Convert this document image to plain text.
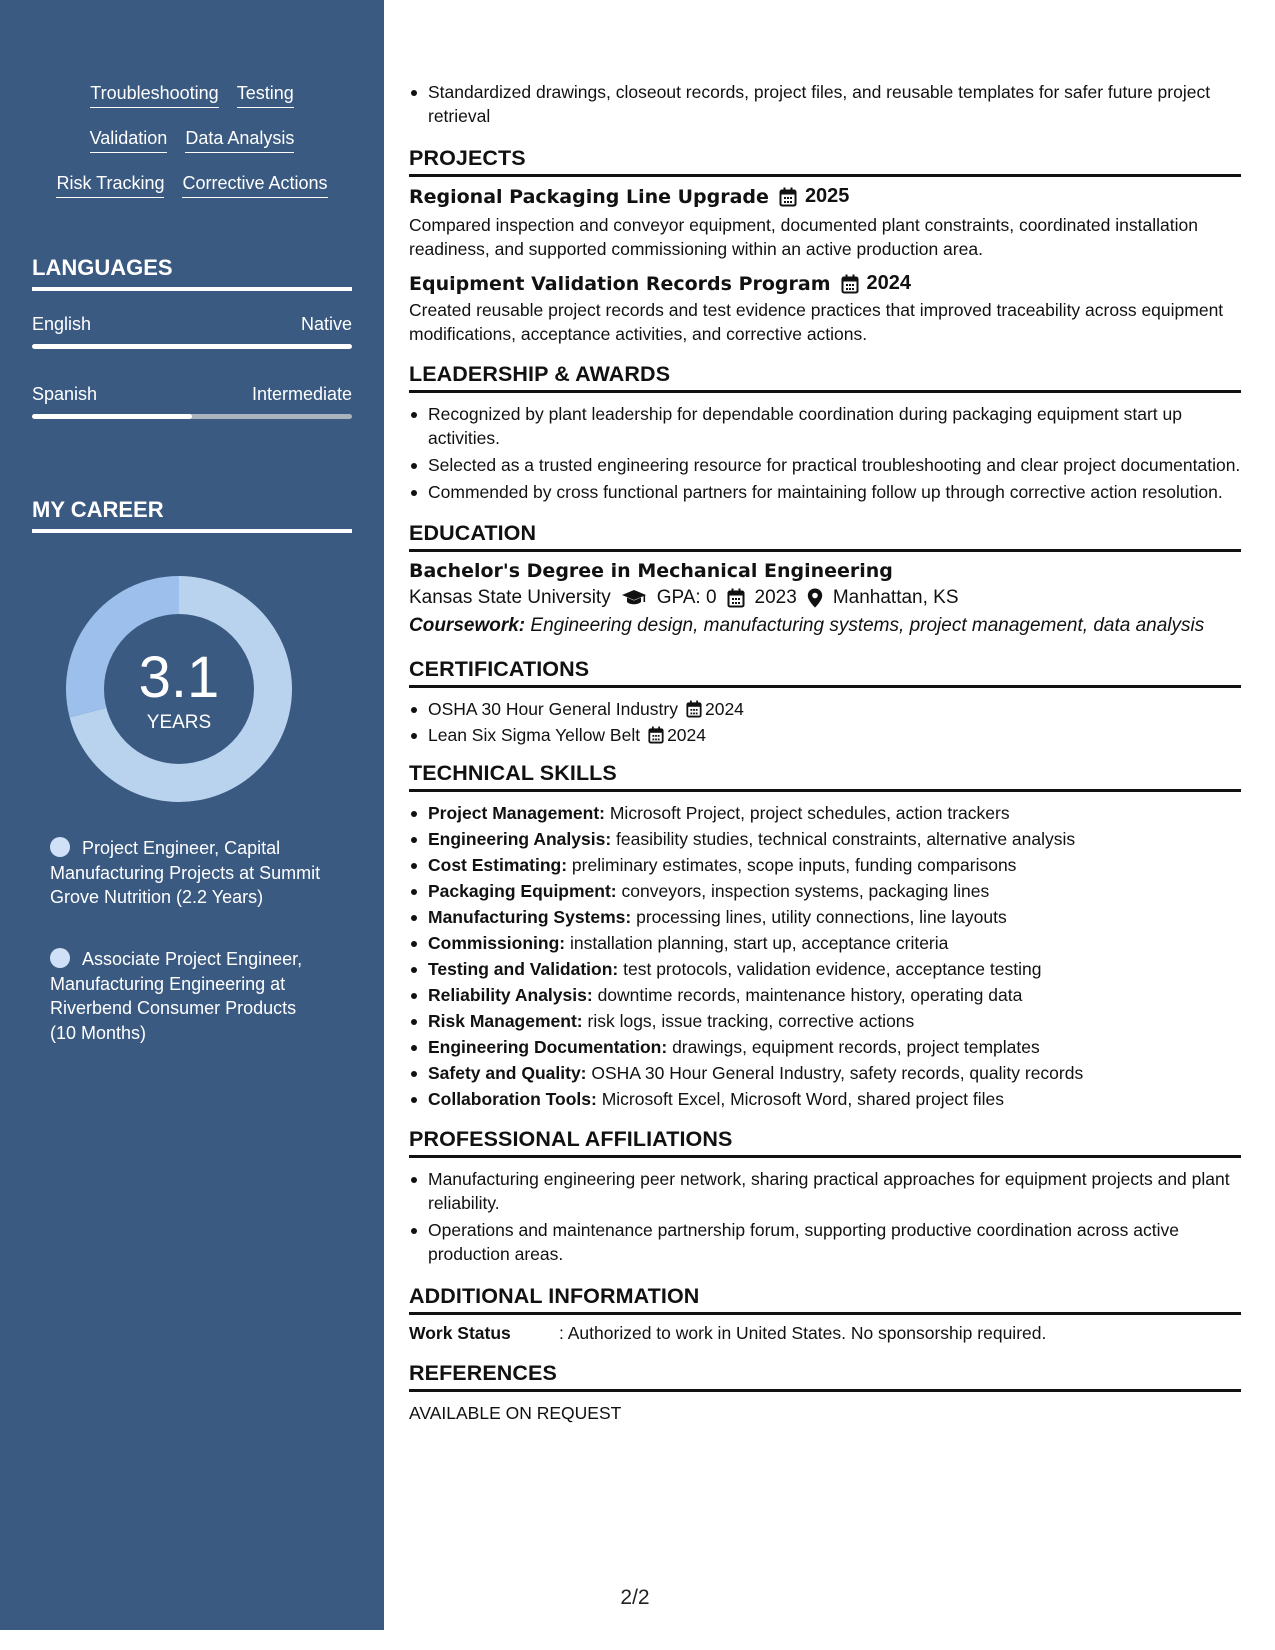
Troubleshooting Testing
Validation Data Analysis
Risk Tracking Corrective Actions
LANGUAGES
English	Native
Spanish	Intermediate
MY CAREER
3.1
YEARS
Project Engineer, Capital Manufacturing Projects at Summit Grove Nutrition (2.2 Years)
Associate Project Engineer, Manufacturing Engineering at Riverbend Consumer Products (10 Months)
Standardized drawings, closeout records, project files, and reusable templates for safer future project retrieval
PROJECTS
Regional Packaging Line Upgrade 2025
Compared inspection and conveyor equipment, documented plant constraints, coordinated installation readiness, and supported commissioning within an active production area.
Equipment Validation Records Program 2024
Created reusable project records and test evidence practices that improved traceability across equipment modifications, acceptance activities, and corrective actions.
LEADERSHIP & AWARDS
Recognized by plant leadership for dependable coordination during packaging equipment start up activities.
Selected as a trusted engineering resource for practical troubleshooting and clear project documentation.
Commended by cross functional partners for maintaining follow up through corrective action resolution.
EDUCATION
Bachelor's Degree in Mechanical Engineering
Kansas State University GPA: 0 2023 Manhattan, KS
Coursework: Engineering design, manufacturing systems, project management, data analysis
CERTIFICATIONS
OSHA 30 Hour General Industry 2024
Lean Six Sigma Yellow Belt 2024
TECHNICAL SKILLS
Project Management: Microsoft Project, project schedules, action trackers
Engineering Analysis: feasibility studies, technical constraints, alternative analysis
Cost Estimating: preliminary estimates, scope inputs, funding comparisons
Packaging Equipment: conveyors, inspection systems, packaging lines
Manufacturing Systems: processing lines, utility connections, line layouts
Commissioning: installation planning, start up, acceptance criteria
Testing and Validation: test protocols, validation evidence, acceptance testing
Reliability Analysis: downtime records, maintenance history, operating data
Risk Management: risk logs, issue tracking, corrective actions
Engineering Documentation: drawings, equipment records, project templates
Safety and Quality: OSHA 30 Hour General Industry, safety records, quality records
Collaboration Tools: Microsoft Excel, Microsoft Word, shared project files
PROFESSIONAL AFFILIATIONS
Manufacturing engineering peer network, sharing practical approaches for equipment projects and plant reliability.
Operations and maintenance partnership forum, supporting productive coordination across active production areas.
ADDITIONAL INFORMATION
Work Status	: Authorized to work in United States. No sponsorship required.
REFERENCES
AVAILABLE ON REQUEST
2/2
